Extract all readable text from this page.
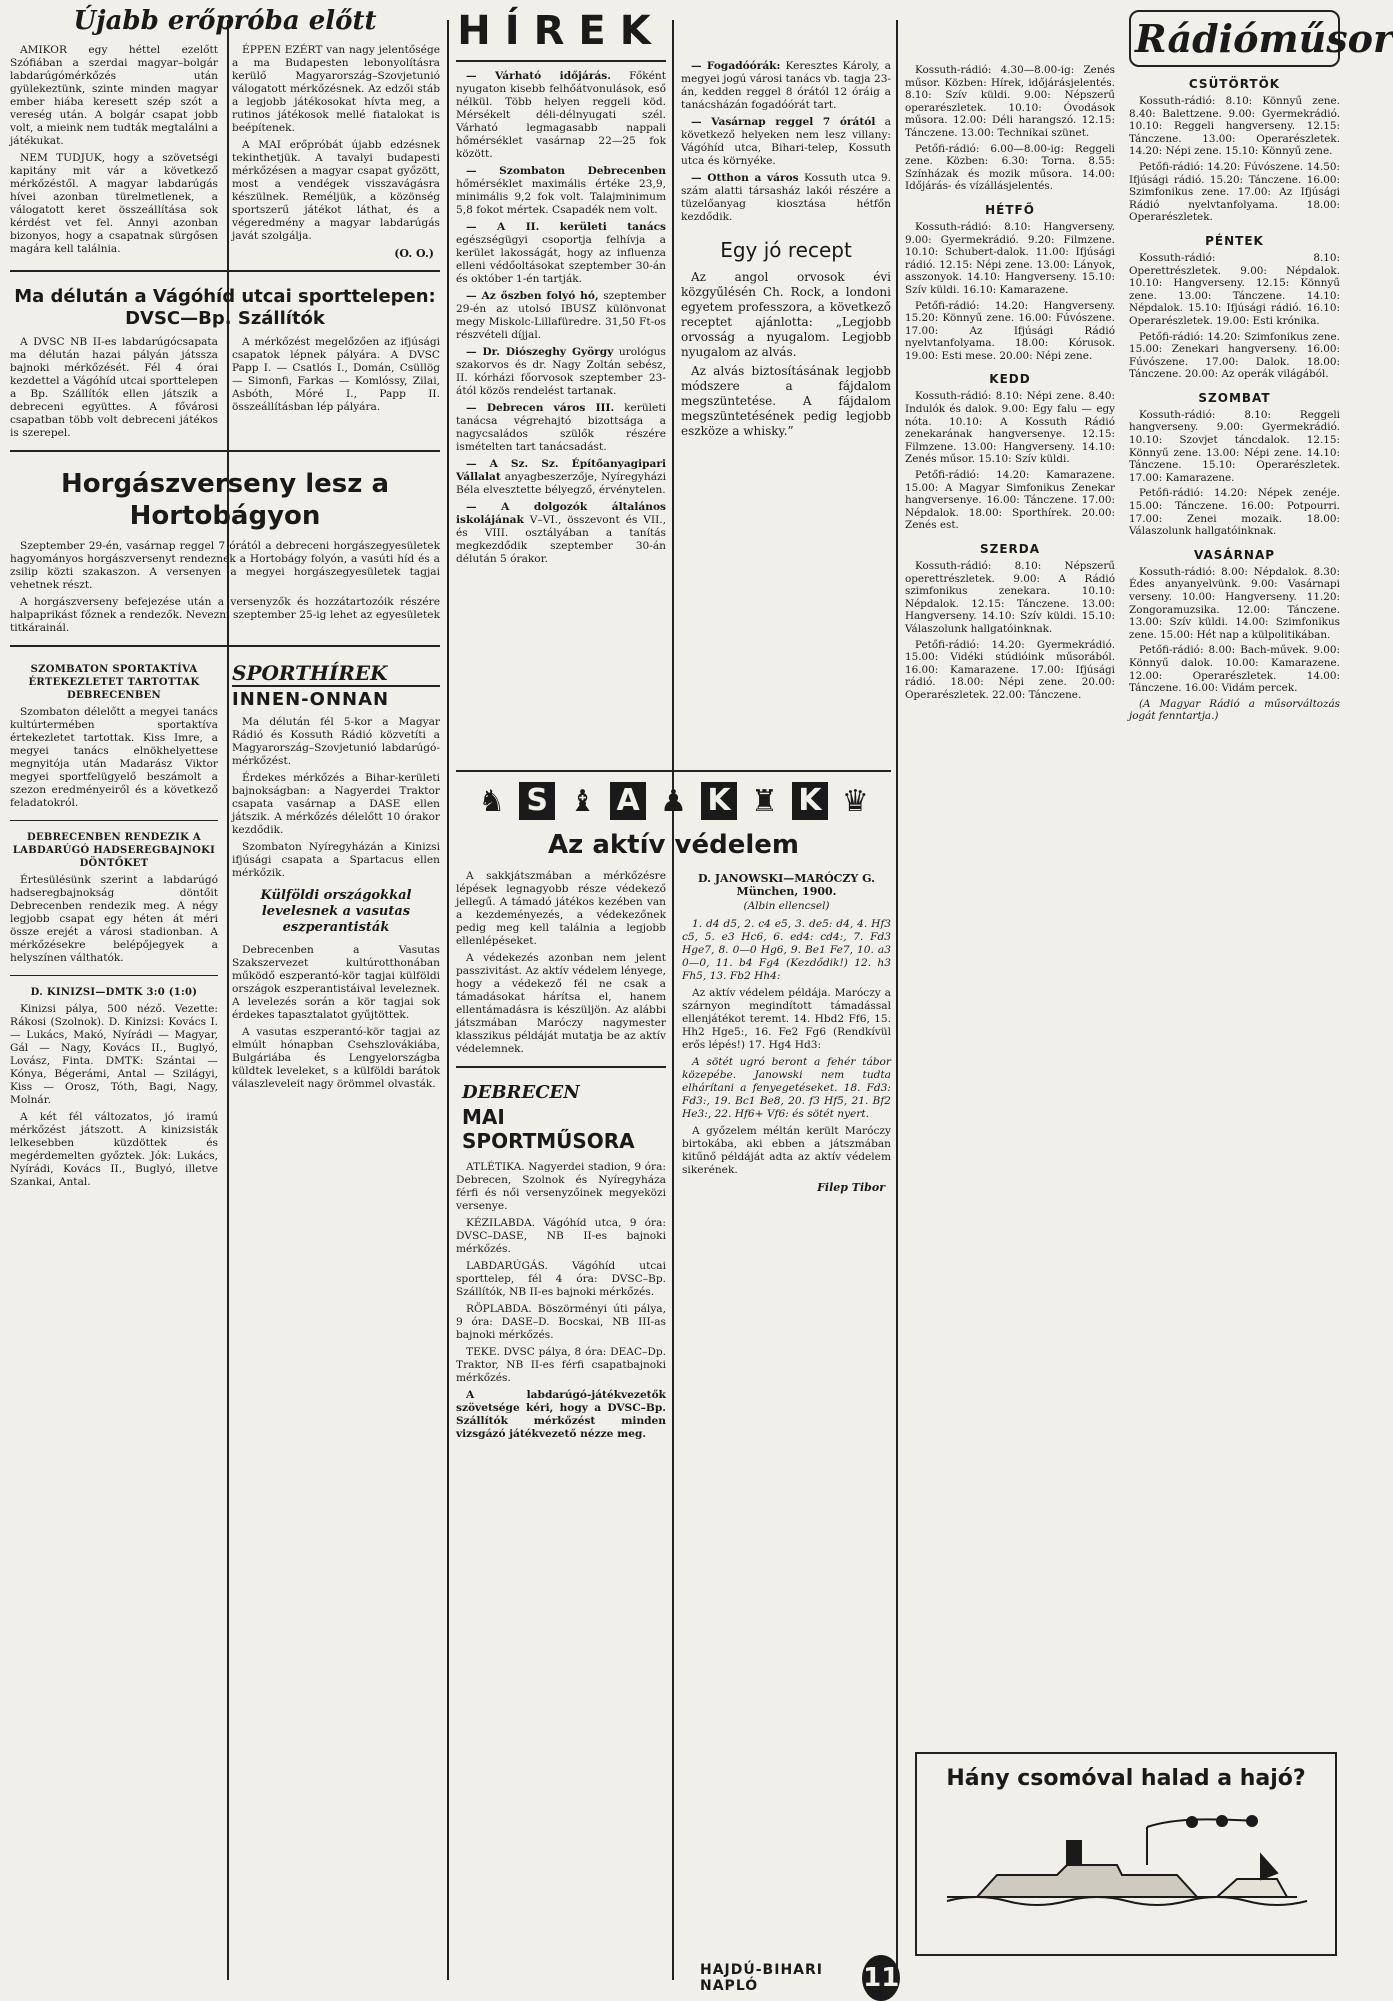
Újabb erőpróba előtt

AMIKOR egy héttel ezelőtt Szófiában a szerdai magyar–bolgár labdarúgómérkőzés után gyülekeztünk, szinte minden magyar ember hiába keresett szép szót a vereség után. A bolgár csapat jobb volt, a mieink nem tudták megtalálni a játékukat.

NEM TUDJUK, hogy a szövetségi kapitány mit vár a következő mérkőzéstől. A magyar labdarúgás hívei azonban türelmetlenek, a válogatott keret összeállítása sok kérdést vet fel. Annyi azonban bizonyos, hogy a csapatnak sürgősen magára kell találnia.

ÉPPEN EZÉRT van nagy jelentősége a ma Budapesten lebonyolításra kerülő Magyarország–Szovjetunió válogatott mérkőzésnek. Az edzői stáb a legjobb játékosokat hívta meg, a rutinos játékosok mellé fiatalokat is beépítenek.

A MAI erőpróbát újabb edzésnek tekinthetjük. A tavalyi budapesti mérkőzésen a magyar csapat győzött, most a vendégek visszavágásra készülnek. Reméljük, a közönség sportszerű játékot láthat, és a végeredmény a magyar labdarúgás javát szolgálja.

(O. O.)
Ma délután a Vágóhíd utcai sporttelepen: DVSC—Bp. Szállítók

A DVSC NB II-es labdarúgócsapata ma délután hazai pályán játssza bajnoki mérkőzését. Fél 4 órai kezdettel a Vágóhíd utcai sporttelepen a Bp. Szállítók ellen játszik a debreceni együttes. A fővárosi csapatban több volt debreceni játékos is szerepel.

A mérkőzést megelőzően az ifjúsági csapatok lépnek pályára. A DVSC Papp I. — Csatlós I., Domán, Csüllög — Simonfi, Farkas — Komlóssy, Zilai, Asbóth, Móré I., Papp II. összeállításban lép pályára.

Horgászverseny lesz a Hortobágyon

Szeptember 29-én, vasárnap reggel 7 órától a debreceni horgászegyesületek hagyományos horgászversenyt rendeznek a Hortobágy folyón, a vasúti híd és a zsilip közti szakaszon. A versenyen a megyei horgászegyesületek tagjai vehetnek részt.

A horgászverseny befejezése után a versenyzők és hozzátartozóik részére halpaprikást főznek a rendezők. Nevezni szeptember 25-ig lehet az egyesületek titkárainál.

SZOMBATON SPORTAKTÍVA ÉRTEKEZLETET TARTOTTAK DEBRECENBEN

Szombaton délelőtt a megyei tanács kultúrtermében sportaktíva értekezletet tartottak. Kiss Imre, a megyei tanács elnökhelyettese megnyitója után Madarász Viktor megyei sportfelügyelő beszámolt a szezon eredményeiről és a következő feladatokról.

DEBRECENBEN RENDEZIK A LABDARÚGÓ HADSEREGBAJNOKI DÖNTŐKET

Értesülésünk szerint a labdarúgó hadseregbajnokság döntőit Debrecenben rendezik meg. A négy legjobb csapat egy héten át méri össze erejét a városi stadionban. A mérkőzésekre belépőjegyek a helyszínen válthatók.

D. KINIZSI—DMTK 3:0 (1:0)

Kinizsi pálya, 500 néző. Vezette: Rákosi (Szolnok). D. Kinizsi: Kovács I. — Lukács, Makó, Nyírádi — Magyar, Gál — Nagy, Kovács II., Buglyó, Lovász, Finta. DMTK: Szántai — Kónya, Bégerámi, Antal — Szilágyi, Kiss — Orosz, Tóth, Bagi, Nagy, Molnár.

A két fél változatos, jó iramú mérkőzést játszott. A kinizsisták lelkesebben küzdöttek és megérdemelten győztek. Jók: Lukács, Nyírádi, Kovács II., Buglyó, illetve Szankai, Antal.

SPORTHÍREK
INNEN-ONNAN

Ma délután fél 5-kor a Magyar Rádió és Kossuth Rádió közvetíti a Magyarország–Szovjetunió labdarúgó-mérkőzést.

Érdekes mérkőzés a Bihar-kerületi bajnokságban: a Nagyerdei Traktor csapata vasárnap a DASE ellen játszik. A mérkőzés délelőtt 10 órakor kezdődik.

Szombaton Nyíregyházán a Kinizsi ifjúsági csapata a Spartacus ellen mérkőzik.

Külföldi országokkal levelesnek a vasutas eszperantisták

Debrecenben a Vasutas Szakszervezet kultúrotthonában működő eszperantó-kör tagjai külföldi országok eszperantistáival leveleznek. A levelezés során a kör tagjai sok érdekes tapasztalatot gyűjtöttek.

A vasutas eszperantó-kör tagjai az elmúlt hónapban Csehszlovákiába, Bulgáriába és Lengyelországba küldtek leveleket, s a külföldi barátok válaszleveleit nagy örömmel olvasták.

HÍREK

— Várható időjárás. Főként nyugaton kisebb felhőátvonulások, eső nélkül. Több helyen reggeli köd. Mérsékelt déli-délnyugati szél. Várható legmagasabb nappali hőmérséklet vasárnap 22—25 fok között.

— Szombaton Debrecenben hőmérséklet maximális értéke 23,9, minimális 9,2 fok volt. Talajminimum 5,8 fokot mértek. Csapadék nem volt.

— A II. kerületi tanács egészségügyi csoportja felhívja a kerület lakosságát, hogy az influenza elleni védőoltásokat szeptember 30-án és október 1-én tartják.

— Az őszben folyó hó, szeptember 29-én az utolsó IBUSZ különvonat megy Miskolc-Lillafüredre. 31,50 Ft-os részvételi díjjal.

— Dr. Diószeghy György urológus szakorvos és dr. Nagy Zoltán sebész, II. kórházi főorvosok szeptember 23-ától közös rendelést tartanak.

— Debrecen város III. kerületi tanácsa végrehajtó bizottsága a nagycsaládos szülők részére ismételten tart tanácsadást.

— A Sz. Sz. Építőanyagipari Vállalat anyagbeszerzője, Nyíregyházi Béla elvesztette bélyegző, érvénytelen.

— A dolgozók általános iskolájának V–VI., összevont és VII., és VIII. osztályában a tanítás megkezdődik szeptember 30-án délután 5 órakor.

— Fogadóórák: Keresztes Károly, a megyei jogú városi tanács vb. tagja 23-án, kedden reggel 8 órától 12 óráig a tanácsházán fogadóórát tart.

— Vasárnap reggel 7 órától a következő helyeken nem lesz villany: Vágóhíd utca, Bihari-telep, Kossuth utca és környéke.

— Otthon a város Kossuth utca 9. szám alatti társasház lakói részére a tüzelőanyag kiosztása hétfőn kezdődik.

Egy jó recept

Az angol orvosok évi közgyűlésén Ch. Rock, a londoni egyetem professzora, a következő receptet ajánlotta: „Legjobb orvosság a nyugalom. Legjobb nyugalom az alvás.

Az alvás biztosításának legjobb módszere a fájdalom megszüntetése. A fájdalom megszüntetésének pedig legjobb eszköze a whisky.”

♞ S ♝ A ♟ K ♜ K ♛
Az aktív védelem

A sakkjátszmában a mérkőzésre lépések legnagyobb része védekező jellegű. A támadó játékos kezében van a kezdeményezés, a védekezőnek pedig meg kell találnia a legjobb ellenlépéseket.

A védekezés azonban nem jelent passzivitást. Az aktív védelem lényege, hogy a védekező fél ne csak a támadásokat hárítsa el, hanem ellentámadásra is készüljön. Az alábbi játszmában Maróczy nagymester klasszikus példáját mutatja be az aktív védelemnek.

DEBRECEN
MAI SPORTMŰSORA

ATLÉTIKA. Nagyerdei stadion, 9 óra: Debrecen, Szolnok és Nyíregyháza férfi és női versenyzőinek megyeközi versenye.

KÉZILABDA. Vágóhíd utca, 9 óra: DVSC–DASE, NB II-es bajnoki mérkőzés.

LABDARÚGÁS. Vágóhíd utcai sporttelep, fél 4 óra: DVSC–Bp. Szállítók, NB II-es bajnoki mérkőzés.

RÖPLABDA. Böszörményi úti pálya, 9 óra: DASE–D. Bocskai, NB III-as bajnoki mérkőzés.

TEKE. DVSC pálya, 8 óra: DEAC–Dp. Traktor, NB II-es férfi csapatbajnoki mérkőzés.

A labdarúgó-játékvezetők szövetsége kéri, hogy a DVSC–Bp. Szállítók mérkőzést minden vizsgázó játékvezető nézze meg.

D. JANOWSKI—MARÓCZY G. München, 1900.
(Albin ellencsel)

1. d4 d5, 2. c4 e5, 3. de5: d4, 4. Hf3 c5, 5. e3 Hc6, 6. ed4: cd4:, 7. Fd3 Hge7, 8. 0—0 Hg6, 9. Be1 Fe7, 10. a3 0—0, 11. b4 Fg4 (Kezdődik!) 12. h3 Fh5, 13. Fb2 Hh4:

Az aktív védelem példája. Maróczy a szárnyon megindított támadással ellenjátékot teremt. 14. Hbd2 Ff6, 15. Hh2 Hge5:, 16. Fe2 Fg6 (Rendkívül erős lépés!) 17. Hg4 Hd3:

A sötét ugró beront a fehér tábor közepébe. Janowski nem tudta elhárítani a fenyegetéseket. 18. Fd3: Fd3:, 19. Bc1 Be8, 20. f3 Hf5, 21. Bf2 He3:, 22. Hf6+ Vf6: és sötét nyert.

A győzelem méltán került Maróczy birtokába, aki ebben a játszmában kitűnő példáját adta az aktív védelem sikerének.

Filep Tibor

Kossuth-rádió: 4.30—8.00-ig: Zenés műsor. Közben: Hírek, időjárásjelentés. 8.10: Szív küldi. 9.00: Népszerű operarészletek. 10.10: Óvodások műsora. 12.00: Déli harangszó. 12.15: Tánczene. 13.00: Technikai szünet.

Petőfi-rádió: 6.00—8.00-ig: Reggeli zene. Közben: 6.30: Torna. 8.55: Színházak és mozik műsora. 14.00: Időjárás- és vízállásjelentés.

HÉTFŐ

Kossuth-rádió: 8.10: Hangverseny. 9.00: Gyermekrádió. 9.20: Filmzene. 10.10: Schubert-dalok. 11.00: Ifjúsági rádió. 12.15: Népi zene. 13.00: Lányok, asszonyok. 14.10: Hangverseny. 15.10: Szív küldi. 16.10: Kamarazene.

Petőfi-rádió: 14.20: Hangverseny. 15.20: Könnyű zene. 16.00: Fúvószene. 17.00: Az Ifjúsági Rádió nyelvtanfolyama. 18.00: Kórusok. 19.00: Esti mese. 20.00: Népi zene.

KEDD

Kossuth-rádió: 8.10: Népi zene. 8.40: Indulók és dalok. 9.00: Egy falu — egy nóta. 10.10: A Kossuth Rádió zenekarának hangversenye. 12.15: Filmzene. 13.00: Hangverseny. 14.10: Zenés műsor. 15.10: Szív küldi.

Petőfi-rádió: 14.20: Kamarazene. 15.00: A Magyar Simfonikus Zenekar hangversenye. 16.00: Tánczene. 17.00: Népdalok. 18.00: Sporthírek. 20.00: Zenés est.

SZERDA

Kossuth-rádió: 8.10: Népszerű operettrészletek. 9.00: A Rádió szimfonikus zenekara. 10.10: Népdalok. 12.15: Tánczene. 13.00: Hangverseny. 14.10: Szív küldi. 15.10: Válaszolunk hallgatóinknak.

Petőfi-rádió: 14.20: Gyermekrádió. 15.00: Vidéki stúdióink műsorából. 16.00: Kamarazene. 17.00: Ifjúsági rádió. 18.00: Népi zene. 20.00: Operarészletek. 22.00: Tánczene.

Rádióműsor
CSÜTÖRTÖK

Kossuth-rádió: 8.10: Könnyű zene. 8.40: Balettzene. 9.00: Gyermekrádió. 10.10: Reggeli hangverseny. 12.15: Tánczene. 13.00: Operarészletek. 14.20: Népi zene. 15.10: Könnyű zene.

Petőfi-rádió: 14.20: Fúvószene. 14.50: Ifjúsági rádió. 15.20: Tánczene. 16.00: Szimfonikus zene. 17.00: Az Ifjúsági Rádió nyelvtanfolyama. 18.00: Operarészletek.

PÉNTEK

Kossuth-rádió: 8.10: Operettrészletek. 9.00: Népdalok. 10.10: Hangverseny. 12.15: Könnyű zene. 13.00: Tánczene. 14.10: Népdalok. 15.10: Ifjúsági rádió. 16.10: Operarészletek. 19.00: Esti krónika.

Petőfi-rádió: 14.20: Szimfonikus zene. 15.00: Zenekari hangverseny. 16.00: Fúvószene. 17.00: Dalok. 18.00: Tánczene. 20.00: Az operák világából.

SZOMBAT

Kossuth-rádió: 8.10: Reggeli hangverseny. 9.00: Gyermekrádió. 10.10: Szovjet táncdalok. 12.15: Könnyű zene. 13.00: Népi zene. 14.10: Tánczene. 15.10: Operarészletek. 17.00: Kamarazene.

Petőfi-rádió: 14.20: Népek zenéje. 15.00: Tánczene. 16.00: Potpourri. 17.00: Zenei mozaik. 18.00: Válaszolunk hallgatóinknak.

VASÁRNAP

Kossuth-rádió: 8.00: Népdalok. 8.30: Édes anyanyelvünk. 9.00: Vasárnapi verseny. 10.00: Hangverseny. 11.20: Zongoramuzsika. 12.00: Tánczene. 13.00: Szív küldi. 14.00: Szimfonikus zene. 15.00: Hét nap a külpolitikában.

Petőfi-rádió: 8.00: Bach-művek. 9.00: Könnyű dalok. 10.00: Kamarazene. 12.00: Operarészletek. 14.00: Tánczene. 16.00: Vidám percek.

(A Magyar Rádió a műsorváltozás jogát fenntartja.)

Hány csomóval halad a hajó?
HAJDÚ-BIHARI NAPLÓ	11
